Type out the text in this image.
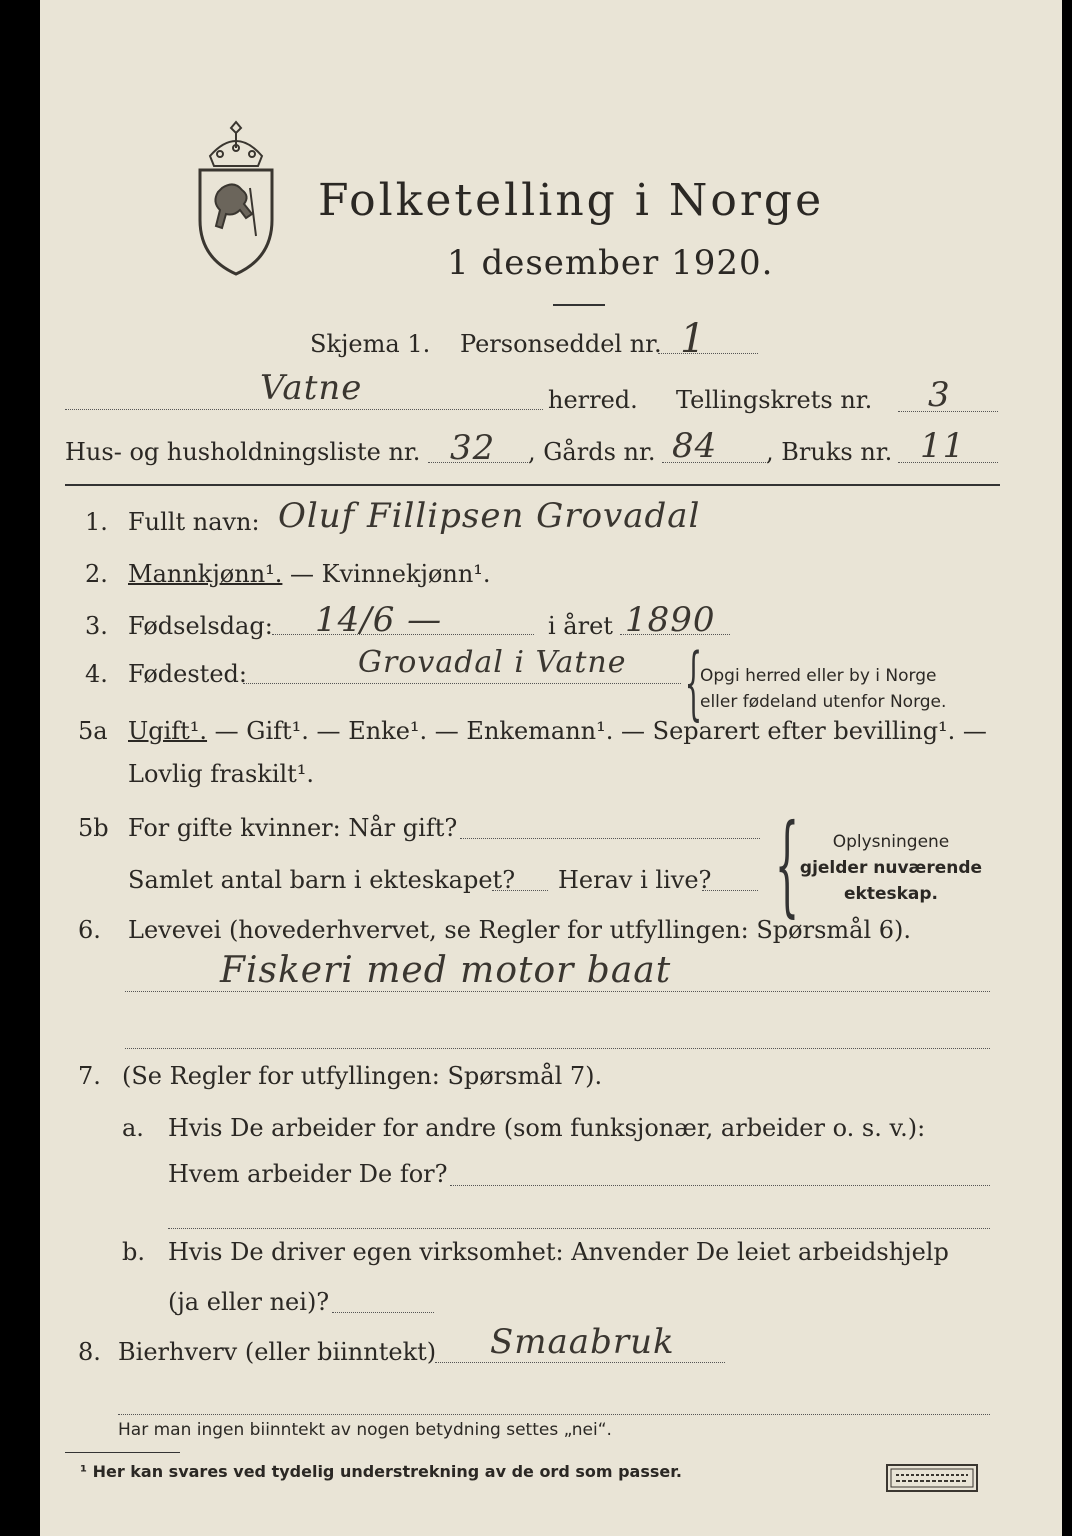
Folketelling i Norge
1 desember 1920.
Skjema 1. Personseddel nr. 1
Vatne	herred. Tellingskrets nr. 3
Hus- og husholdningsliste nr. 32 , Gårds nr. 84 , Bruks nr. 11
1. Fullt navn: Oluf Fillipsen Grovadal
2. Mannkjønn¹. — Kvinnekjønn¹.
3. Fødselsdag: 14/6 —	i året 1890
4. Fødested:	Grovadal i Vatne {
Opgi herred eller by i Norge
eller fødeland utenfor Norge.
5a Ugift¹. — Gift¹. — Enke¹. — Enkemann¹. — Separert efter bevilling¹. —
Lovlig fraskilt¹.
5b For gifte kvinner: Når gift?
Samlet antal barn i ekteskapet? Herav i live? {	Oplysningene
gjelder nuværende
ekteskap.
6. Levevei (hovederhvervet, se Regler for utfyllingen: Spørsmål 6).
Fiskeri med motor baat
7. (Se Regler for utfyllingen: Spørsmål 7).
a. Hvis De arbeider for andre (som funksjonær, arbeider o. s. v.):
Hvem arbeider De for?
b. Hvis De driver egen virksomhet: Anvender De leiet arbeidshjelp
(ja eller nei)?
8. Bierhverv (eller biinntekt) Smaabruk
Har man ingen biinntekt av nogen betydning settes „nei“.
¹ Her kan svares ved tydelig understrekning av de ord som passer.
